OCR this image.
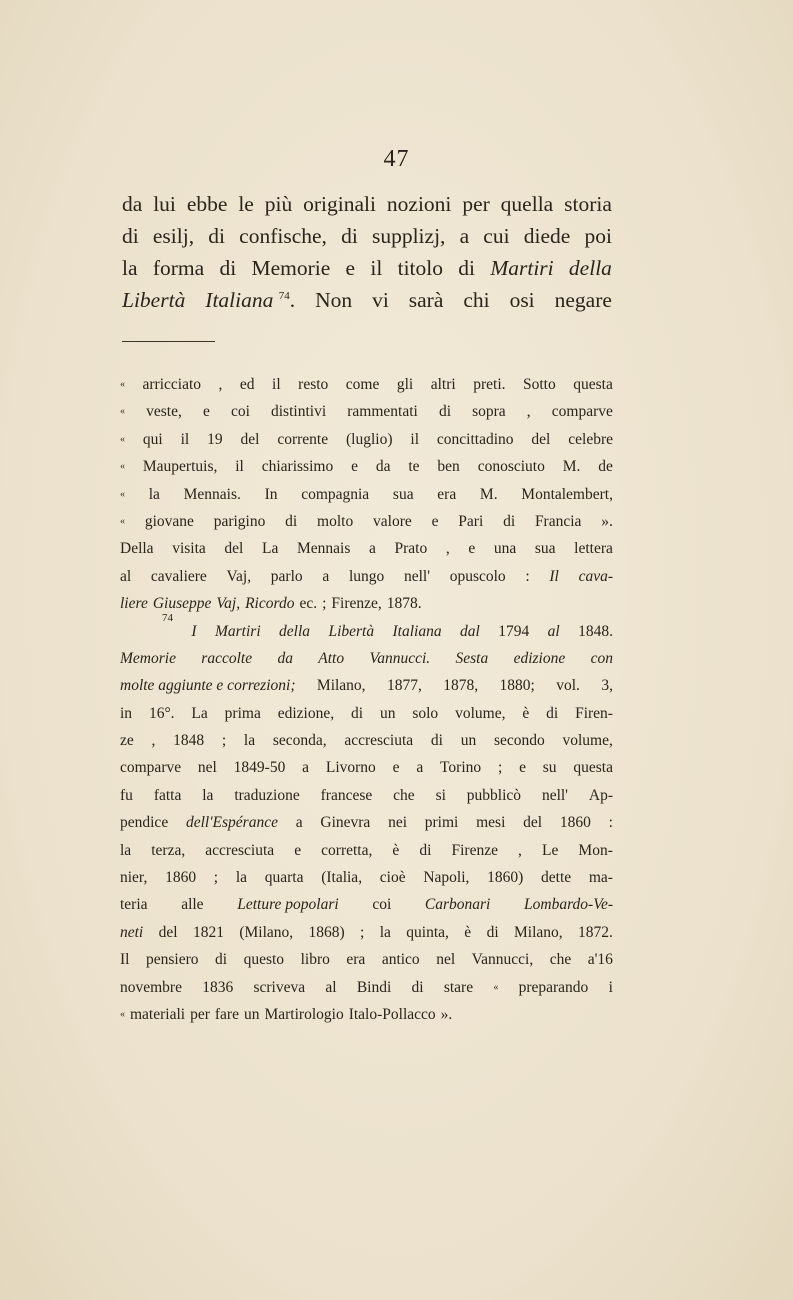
47
da lui ebbe le più originali nozioni per quella storia
di esilj, di confische, di supplizj, a cui diede poi
la forma di Memorie e il titolo di Martiri della
Libertà Italiana $^{74}$. Non vi sarà chi osi negare
« arricciato , ed il resto come gli altri preti. Sotto questa
« veste, e coi distintivi rammentati di sopra , comparve
« qui il 19 del corrente (luglio) il concittadino del celebre
« Maupertuis, il chiarissimo e da te ben conosciuto M. de
« la Mennais. In compagnia sua era M. Montalembert,
« giovane parigino di molto valore e Pari di Francia ».
Della visita del La Mennais a Prato , e una sua lettera
al cavaliere Vaj, parlo a lungo nell' opuscolo : Il cava-
liere Giuseppe Vaj, Ricordo ec. ; Firenze, 1878.
74
I Martiri della Libertà Italiana dal 1794 al 1848.
Memorie raccolte da Atto Vannucci. Sesta edizione con
molte aggiunte e correzioni; Milano, 1877, 1878, 1880; vol. 3,
in 16°. La prima edizione, di un solo volume, è di Firen-
ze , 1848 ; la seconda, accresciuta di un secondo volume,
comparve nel 1849-50 a Livorno e a Torino ; e su questa
fu fatta la traduzione francese che si pubblicò nell' Ap-
pendice dell'Espérance a Ginevra nei primi mesi del 1860 :
la terza, accresciuta e corretta, è di Firenze , Le Mon-
nier, 1860 ; la quarta (Italia, cioè Napoli, 1860) dette ma-
teria alle Letture popolari coi Carbonari Lombardo-Ve-
neti del 1821 (Milano, 1868) ; la quinta, è di Milano, 1872.
Il pensiero di questo libro era antico nel Vannucci, che a'16
novembre 1836 scriveva al Bindi di stare « preparando i
« materiali per fare un Martirologio Italo-Pollacco ».
